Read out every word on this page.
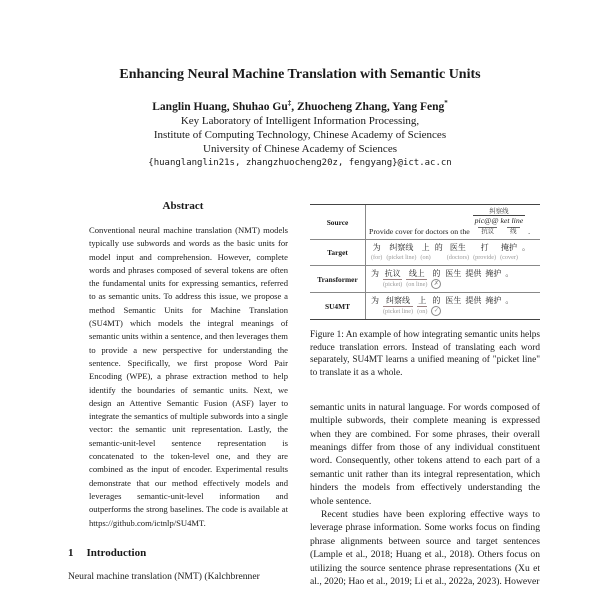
Enhancing Neural Machine Translation with Semantic Units
Langlin Huang, Shuhao Gu‡, Zhuocheng Zhang, Yang Feng*
Key Laboratory of Intelligent Information Processing,
Institute of Computing Technology, Chinese Academy of Sciences
University of Chinese Academy of Sciences
{huanglanglin21s, zhangzhuocheng20z, fengyang}@ict.ac.cn
Abstract
Conventional neural machine translation (NMT) models typically use subwords and words as the basic units for model input and comprehension. However, complete words and phrases composed of several tokens are often the fundamental units for expressing semantics, referred to as semantic units. To address this issue, we propose a method Semantic Units for Machine Translation (SU4MT) which models the integral meanings of semantic units within a sentence, and then leverages them to provide a new perspective for understanding the sentence. Specifically, we first propose Word Pair Encoding (WPE), a phrase extraction method to help identify the boundaries of semantic units. Next, we design an Attentive Semantic Fusion (ASF) layer to integrate the semantics of multiple subwords into a single vector: the semantic unit representation. Lastly, the semantic-unit-level sentence representation is concatenated to the token-level one, and they are combined as the input of encoder. Experimental results demonstrate that our method effectively models and leverages semantic-unit-level information and outperforms the strong baselines. The code is available at https://github.com/ictnlp/SU4MT.
1 Introduction
Neural machine translation (NMT) (Kalchbrenner
Source
Provide cover for doctors on the
纠察线
pic@@ ket line
抗议	线	.
Target
为
(for)
纠察线
(picket line)
上
(on)
的
医生
(doctors)
打
(provide)
掩护
(cover)
。

Transformer
为
抗议
(picket)
线上
(on line)
的
✗
医生
提供
掩护
。

SU4MT
为
纠察线
(picket line)
上
(on)
的
✓
医生
提供
掩护
。

Figure 1: An example of how integrating semantic units helps reduce translation errors. Instead of translating each word separately, SU4MT learns a unified meaning of "picket line" to translate it as a whole.

semantic units in natural language. For words composed of multiple subwords, their complete meaning is expressed when they are combined. For some phrases, their overall meanings differ from those of any individual constituent word. Consequently, other tokens attend to each part of a semantic unit rather than its integral representation, which hinders the models from effectively understanding the whole sentence.

Recent studies have been exploring effective ways to leverage phrase information. Some works focus on finding phrase alignments between source and target sentences (Lample et al., 2018; Huang et al., 2018). Others focus on utilizing the source sentence phrase representations (Xu et al., 2020; Hao et al., 2019; Li et al., 2022a, 2023). However
